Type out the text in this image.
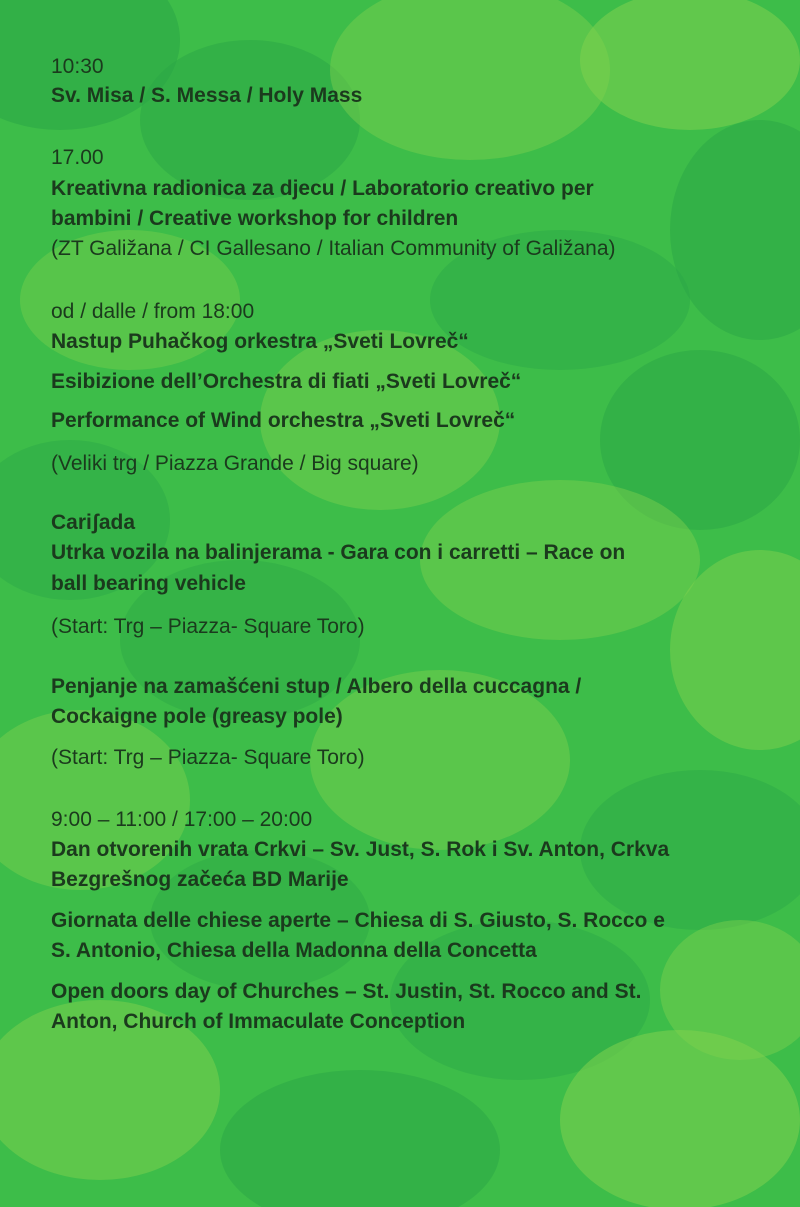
10:30
Sv. Misa / S. Messa / Holy Mass
17.00
Kreativna radionica za djecu / Laboratorio creativo per
bambini / Creative workshop for children
(ZT Galižana / CI Gallesano / Italian Community of Galižana)
od / dalle / from 18:00
Nastup Puhačkog orkestra „Sveti Lovreč“
Esibizione dell’Orchestra di fiati „Sveti Lovreč“
Performance of Wind orchestra „Sveti Lovreč“
(Veliki trg / Piazza Grande / Big square)
Cariʃada
Utrka vozila na balinjerama - Gara con i carretti – Race on
ball bearing vehicle
(Start: Trg – Piazza- Square Toro)
Penjanje na zamašćeni stup / Albero della cuccagna /
Cockaigne pole (greasy pole)
(Start: Trg – Piazza- Square Toro)
9:00 – 11:00 / 17:00 – 20:00
Dan otvorenih vrata Crkvi – Sv. Just, S. Rok i Sv. Anton, Crkva
Bezgrešnog začeća BD Marije
Giornata delle chiese aperte – Chiesa di S. Giusto, S. Rocco e
S. Antonio, Chiesa della Madonna della Concetta
Open doors day of Churches – St. Justin, St. Rocco and St.
Anton, Church of Immaculate Conception
